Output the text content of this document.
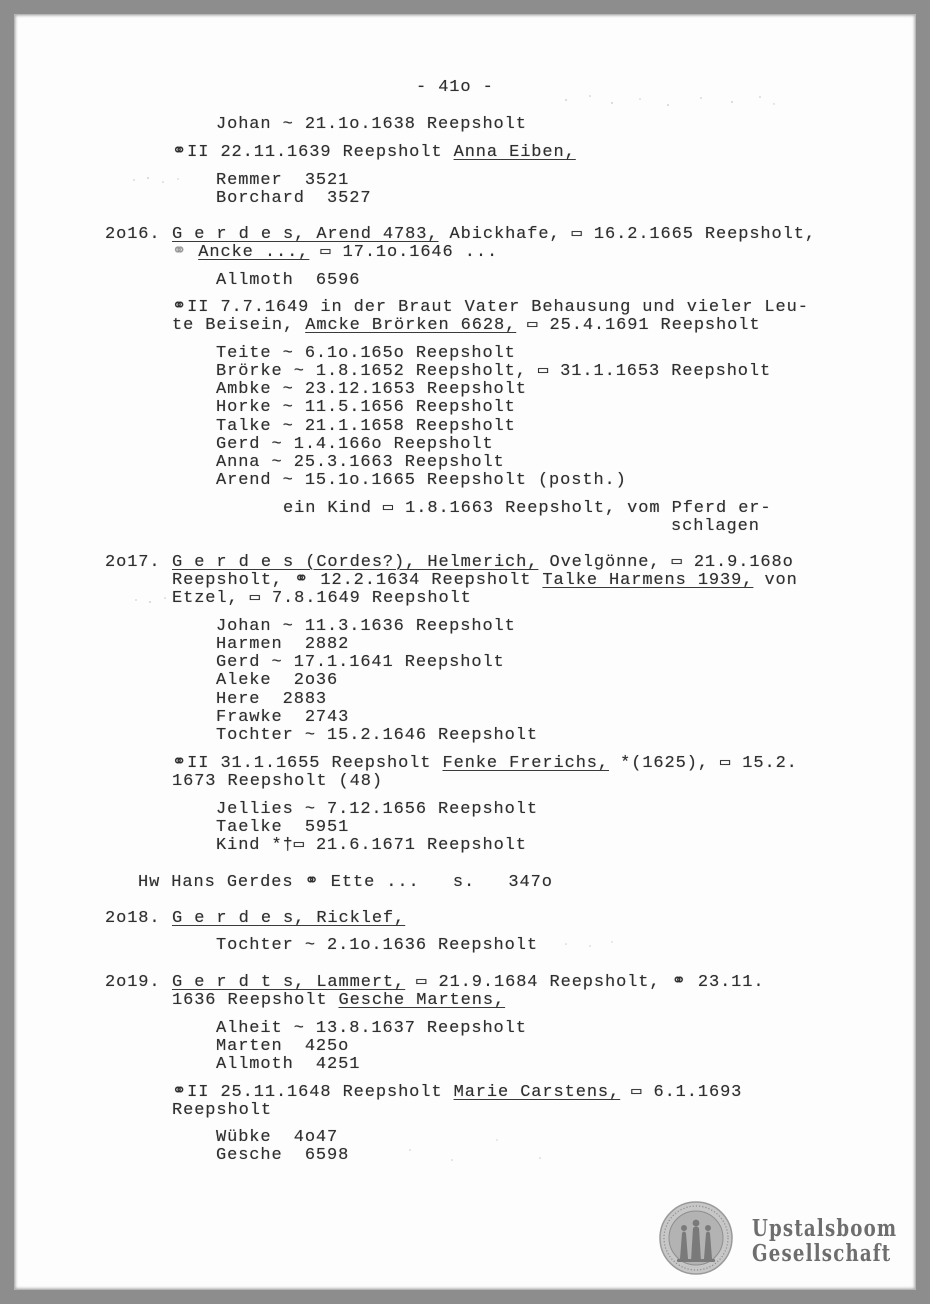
- 41o -
Johan ~ 21.1o.1638 Reepsholt
⚭II 22.11.1639 Reepsholt Anna Eiben,
Remmer  3521
Borchard  3527
2o16. G e r d e s, Arend 4783, Abickhafe, ▭ 16.2.1665 Reepsholt,
⚭ Ancke ..., ▭ 17.1o.1646 ...
Allmoth  6596
⚭II 7.7.1649 in der Braut Vater Behausung und vieler Leu-
te Beisein, Amcke Brörken 6628, ▭ 25.4.1691 Reepsholt
Teite ~ 6.1o.165o Reepsholt
Brörke ~ 1.8.1652 Reepsholt, ▭ 31.1.1653 Reepsholt
Ambke ~ 23.12.1653 Reepsholt
Horke ~ 11.5.1656 Reepsholt
Talke ~ 21.1.1658 Reepsholt
Gerd ~ 1.4.166o Reepsholt
Anna ~ 25.3.1663 Reepsholt
Arend ~ 15.1o.1665 Reepsholt (posth.)
ein Kind ▭ 1.8.1663 Reepsholt, vom Pferd er-
schlagen
2o17. G e r d e s (Cordes?), Helmerich, Ovelgönne, ▭ 21.9.168o
Reepsholt, ⚭ 12.2.1634 Reepsholt Talke Harmens 1939, von
Etzel, ▭ 7.8.1649 Reepsholt
Johan ~ 11.3.1636 Reepsholt
Harmen  2882
Gerd ~ 17.1.1641 Reepsholt
Aleke  2o36
Here  2883
Frawke  2743
Tochter ~ 15.2.1646 Reepsholt
⚭II 31.1.1655 Reepsholt Fenke Frerichs, *(1625), ▭ 15.2.
1673 Reepsholt (48)
Jellies ~ 7.12.1656 Reepsholt
Taelke  5951
Kind *†▭ 21.6.1671 Reepsholt
Hw Hans Gerdes ⚭ Ette ...   s.   347o
2o18. G e r d e s, Ricklef,
Tochter ~ 2.1o.1636 Reepsholt
2o19. G e r d t s, Lammert, ▭ 21.9.1684 Reepsholt, ⚭ 23.11.
1636 Reepsholt Gesche Martens,
Alheit ~ 13.8.1637 Reepsholt
Marten  425o
Allmoth  4251
⚭II 25.11.1648 Reepsholt Marie Carstens, ▭ 6.1.1693
Reepsholt
Wübke  4o47
Gesche  6598
Upstalsboom
Gesellschaft
